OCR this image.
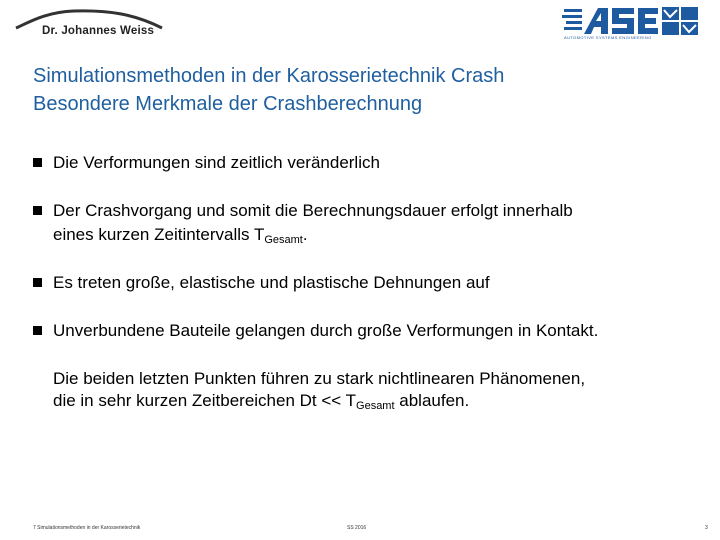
Dr. Johannes Weiss
AUTOMOTIVE SYSTEMS ENGINEERING
Simulationsmethoden in der Karosserietechnik Crash
Besondere Merkmale der Crashberechnung
Die Verformungen sind zeitlich veränderlich
Der Crashvorgang und somit die Berechnungsdauer erfolgt innerhalb
eines kurzen Zeitintervalls $T_{Gesamt}$.
Es treten große, elastische und plastische Dehnungen auf
Unverbundene Bauteile gelangen durch große Verformungen in Kontakt.
Die beiden letzten Punkten führen zu stark nichtlinearen Phänomenen,
die in sehr kurzen Zeitbereichen $Dt << T_{Gesamt}$ ablaufen.
7 Simulationsmethoden in der Karosserietechnik	SS 2016	3
